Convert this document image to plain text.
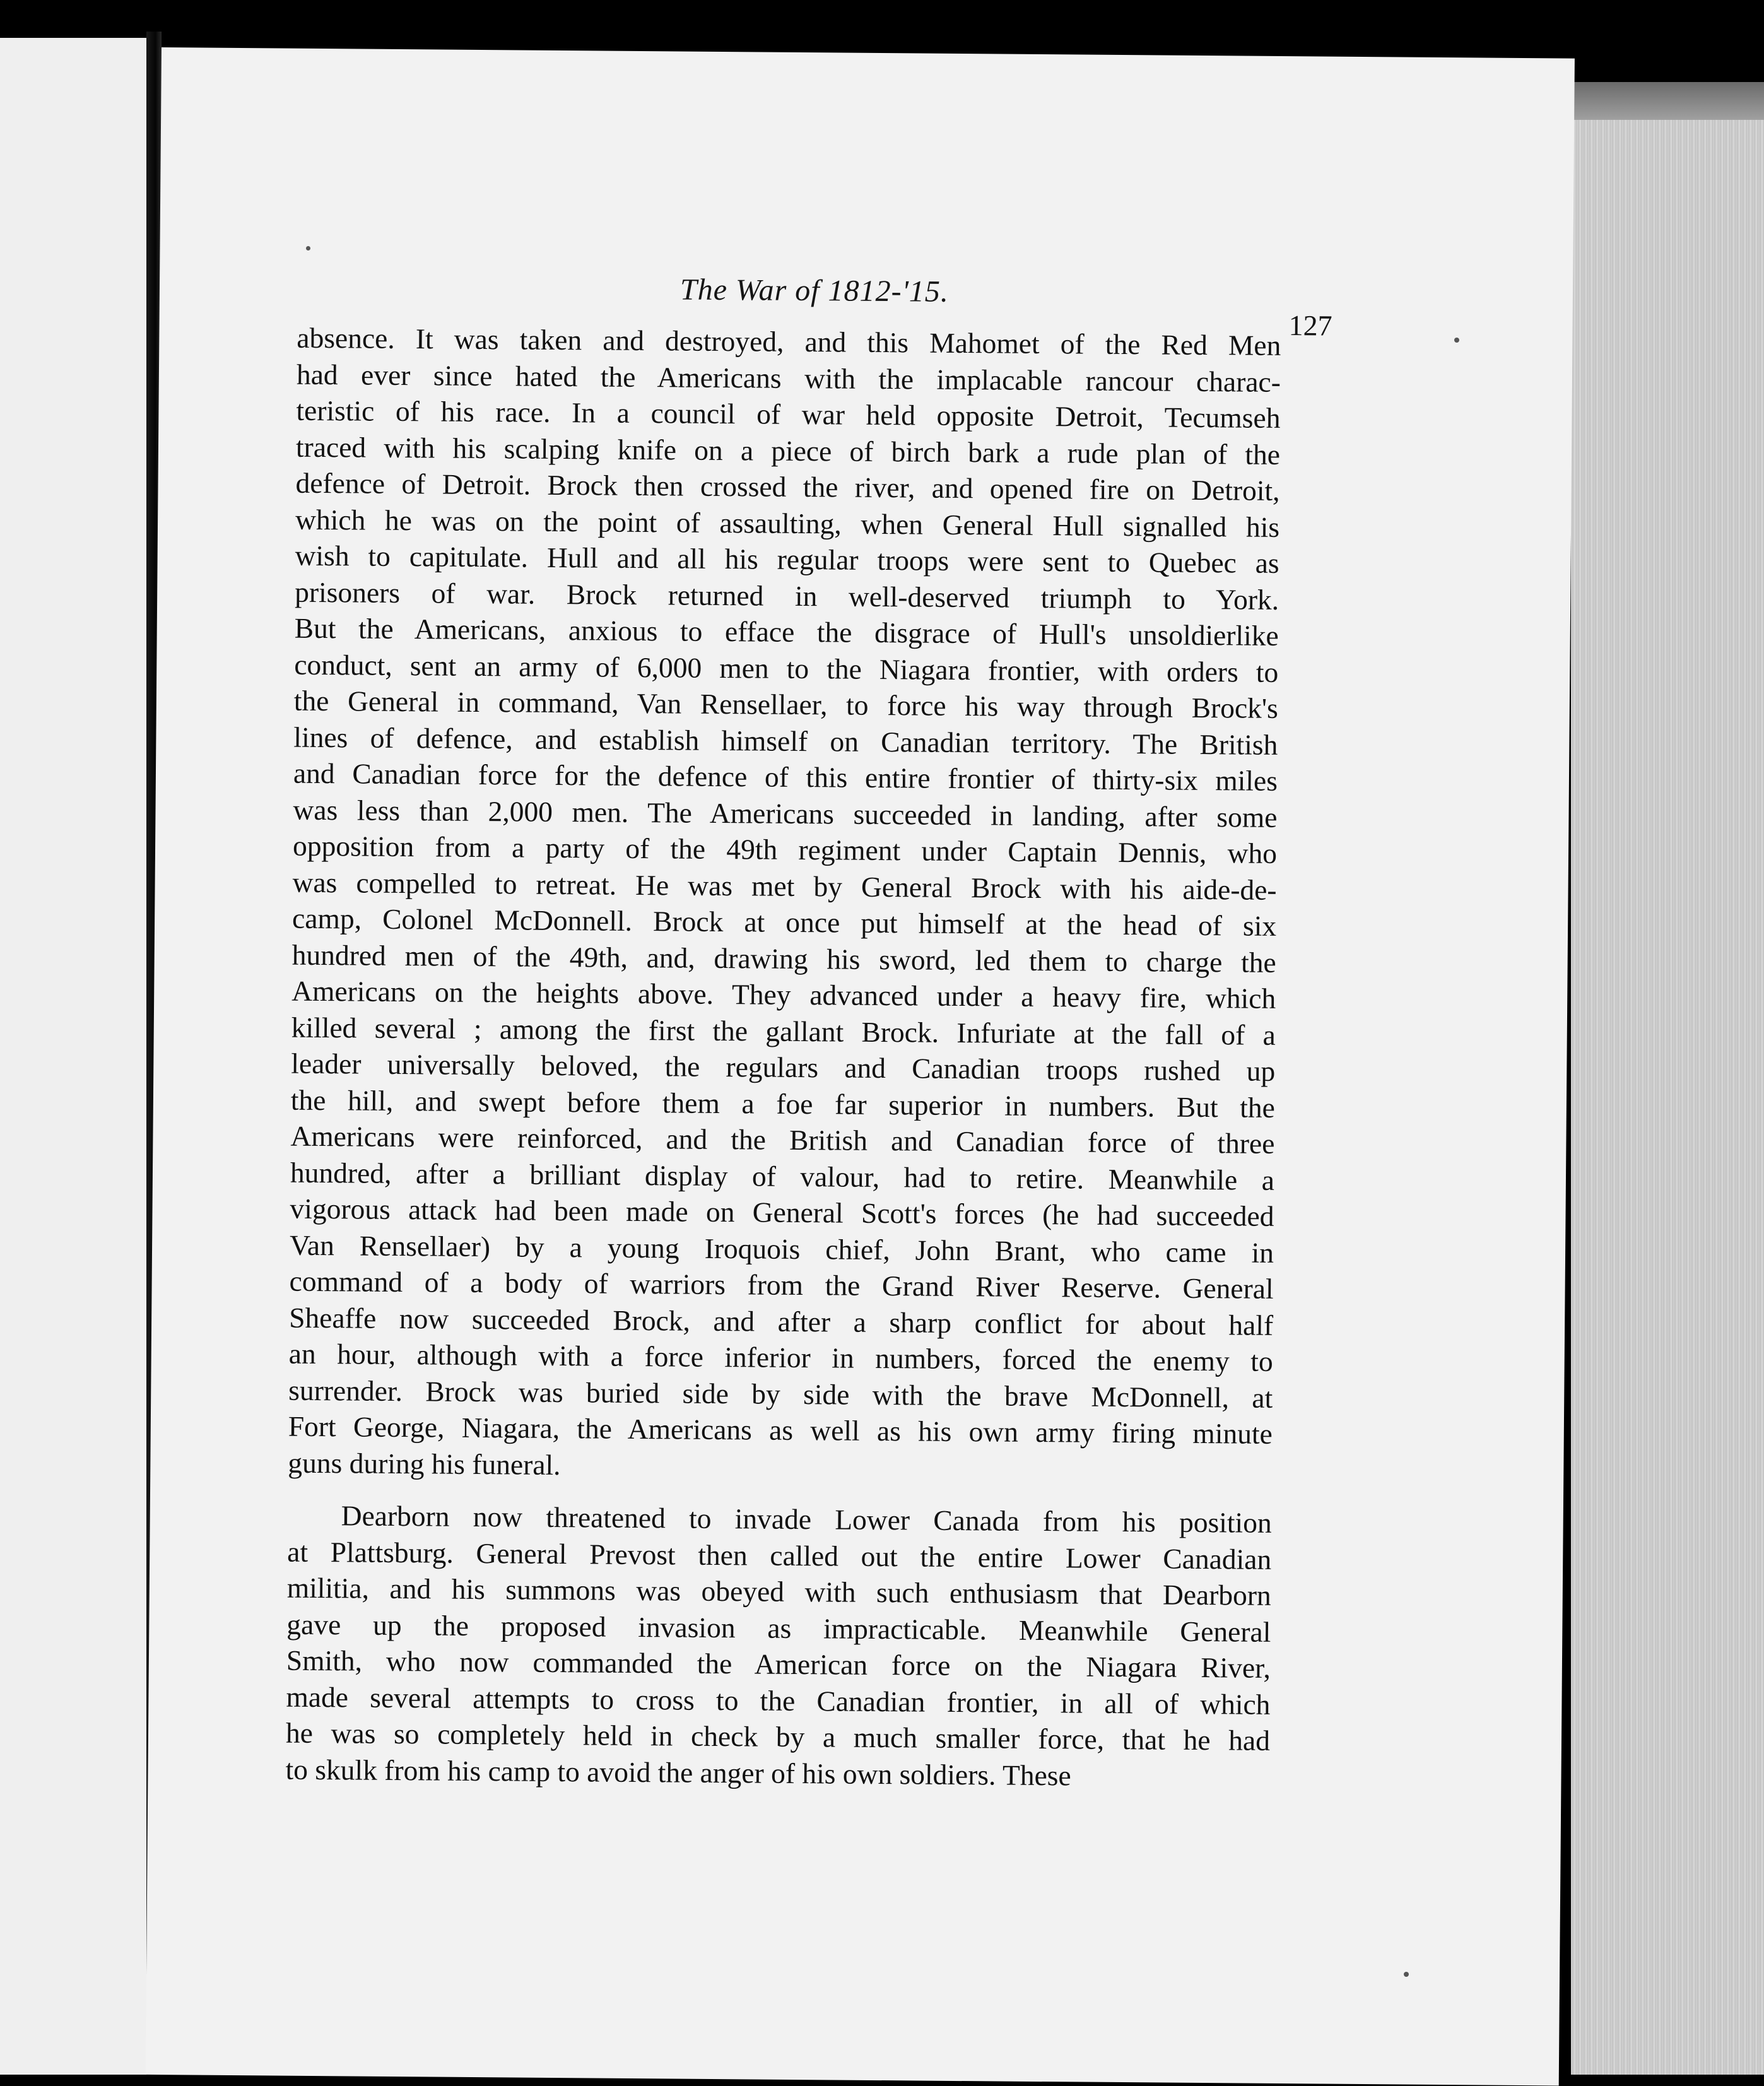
The War of 1812-'15.
127
absence. It was taken and destroyed, and this Mahomet of the Red Men
had ever since hated the Americans with the implacable rancour charac-
teristic of his race. In a council of war held opposite Detroit, Tecumseh
traced with his scalping knife on a piece of birch bark a rude plan of the
defence of Detroit. Brock then crossed the river, and opened fire on Detroit,
which he was on the point of assaulting, when General Hull signalled his
wish to capitulate. Hull and all his regular troops were sent to Quebec as
prisoners of war. Brock returned in well-deserved triumph to York.
But the Americans, anxious to efface the disgrace of Hull's unsoldierlike
conduct, sent an army of 6,000 men to the Niagara frontier, with orders to
the General in command, Van Rensellaer, to force his way through Brock's
lines of defence, and establish himself on Canadian territory. The British
and Canadian force for the defence of this entire frontier of thirty-six miles
was less than 2,000 men. The Americans succeeded in landing, after some
opposition from a party of the 49th regiment under Captain Dennis, who
was compelled to retreat. He was met by General Brock with his aide-de-
camp, Colonel McDonnell. Brock at once put himself at the head of six
hundred men of the 49th, and, drawing his sword, led them to charge the
Americans on the heights above. They advanced under a heavy fire, which
killed several ; among the first the gallant Brock. Infuriate at the fall of a
leader universally beloved, the regulars and Canadian troops rushed up
the hill, and swept before them a foe far superior in numbers. But the
Americans were reinforced, and the British and Canadian force of three
hundred, after a brilliant display of valour, had to retire. Meanwhile a
vigorous attack had been made on General Scott's forces (he had succeeded
Van Rensellaer) by a young Iroquois chief, John Brant, who came in
command of a body of warriors from the Grand River Reserve. General
Sheaffe now succeeded Brock, and after a sharp conflict for about half
an hour, although with a force inferior in numbers, forced the enemy to
surrender. Brock was buried side by side with the brave McDonnell, at
Fort George, Niagara, the Americans as well as his own army firing minute
guns during his funeral.
Dearborn now threatened to invade Lower Canada from his position
at Plattsburg. General Prevost then called out the entire Lower Canadian
militia, and his summons was obeyed with such enthusiasm that Dearborn
gave up the proposed invasion as impracticable. Meanwhile General
Smith, who now commanded the American force on the Niagara River,
made several attempts to cross to the Canadian frontier, in all of which
he was so completely held in check by a much smaller force, that he had
to skulk from his camp to avoid the anger of his own soldiers. These
